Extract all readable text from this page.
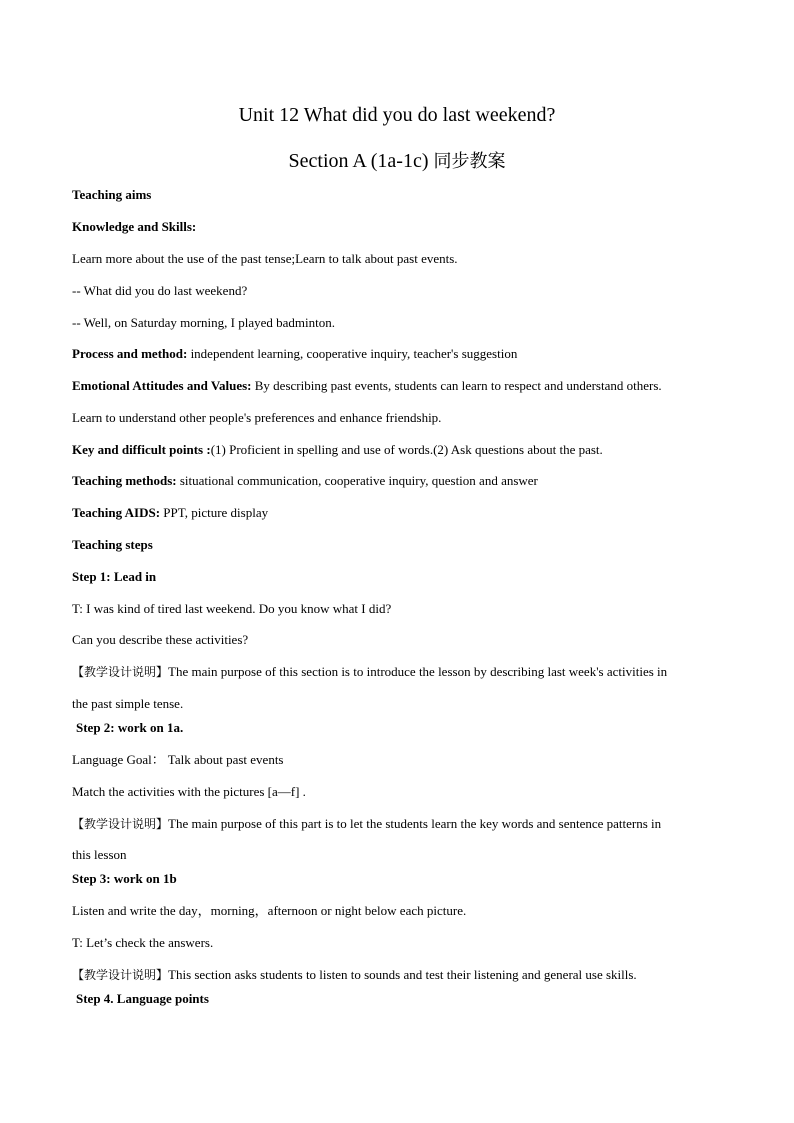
Unit 12 What did you do last weekend?
Section A (1a-1c) 同步教案
Teaching aims
Knowledge and Skills:
Learn more about the use of the past tense;Learn to talk about past events.
-- What did you do last weekend?
-- Well, on Saturday morning, I played badminton.
Process and method: independent learning, cooperative inquiry, teacher's suggestion
Emotional Attitudes and Values: By describing past events, students can learn to respect and understand others.
Learn to understand other people's preferences and enhance friendship.
Key and difficult points :(1) Proficient in spelling and use of words.(2) Ask questions about the past.
Teaching methods: situational communication, cooperative inquiry, question and answer
Teaching AIDS: PPT, picture display
Teaching steps
Step 1: Lead in
T: I was kind of tired last weekend. Do you know what I did?
Can you describe these activities?
【教学设计说明】The main purpose of this section is to introduce the lesson by describing last week's activities in
the past simple tense.
Step 2: work on 1a.
Language Goal： Talk about past events
Match the activities with the pictures [a—f] .
【教学设计说明】The main purpose of this part is to let the students learn the key words and sentence patterns in
this lesson
Step 3: work on 1b
Listen and write the day，morning，afternoon or night below each picture.
T: Let’s check the answers.
【教学设计说明】This section asks students to listen to sounds and test their listening and general use skills.
Step 4. Language points
